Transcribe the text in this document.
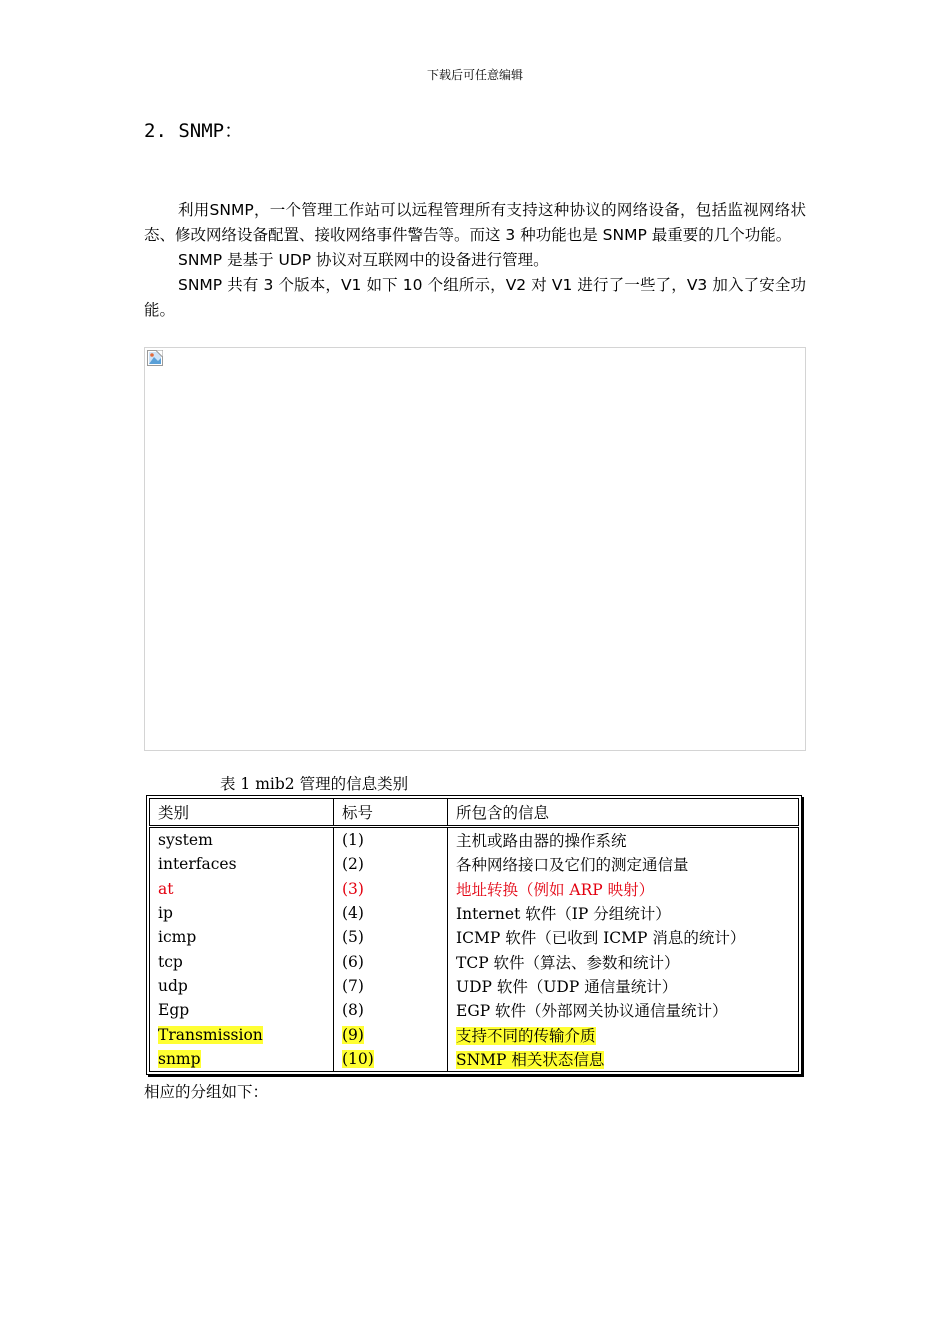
下载后可任意编辑
2. SNMP：

利用SNMP，一个管理工作站可以远程管理所有支持这种协议的网络设备，包括监视网络状态、修改网络设备配置、接收网络事件警告等。而这 3 种功能也是 SNMP 最重要的几个功能。

SNMP 是基于 UDP 协议对互联网中的设备进行管理。

SNMP 共有 3 个版本，V1 如下 10 个组所示，V2 对 V1 进行了一些了，V3 加入了安全功能。

表 1 mib2 管理的信息类别
类别	标号	所包含的信息
system	(1)	主机或路由器的操作系统
interfaces	(2)	各种网络接口及它们的测定通信量
at	(3)	地址转换（例如 ARP 映射）
ip	(4)	Internet 软件（IP 分组统计）
icmp	(5)	ICMP 软件（已收到 ICMP 消息的统计）
tcp	(6)	TCP 软件（算法、参数和统计）
udp	(7)	UDP 软件（UDP 通信量统计）
Egp	(8)	EGP 软件（外部网关协议通信量统计）
Transmission	(9)	支持不同的传输介质
snmp	(10)	SNMP 相关状态信息
相应的分组如下：
